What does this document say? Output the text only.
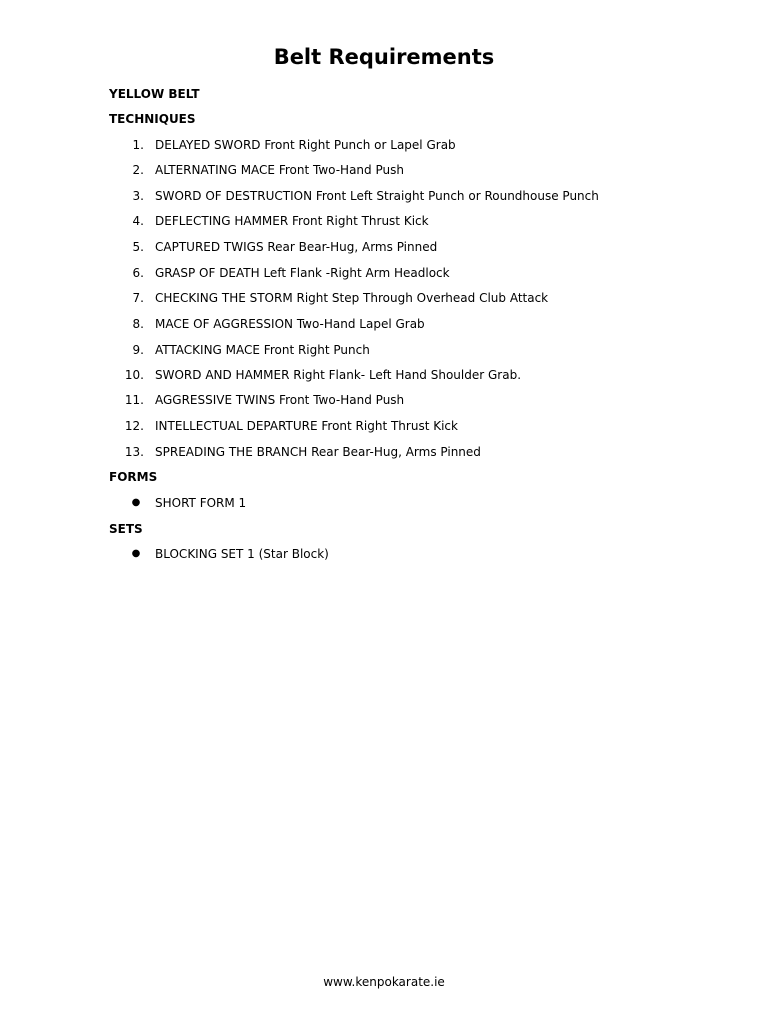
Belt Requirements
YELLOW BELT
TECHNIQUES
1. DELAYED SWORD Front Right Punch or Lapel Grab
2. ALTERNATING MACE Front Two-Hand Push
3. SWORD OF DESTRUCTION Front Left Straight Punch or Roundhouse Punch
4. DEFLECTING HAMMER Front Right Thrust Kick
5. CAPTURED TWIGS Rear Bear-Hug, Arms Pinned
6. GRASP OF DEATH Left Flank -Right Arm Headlock
7. CHECKING THE STORM Right Step Through Overhead Club Attack
8. MACE OF AGGRESSION Two-Hand Lapel Grab
9. ATTACKING MACE Front Right Punch
10. SWORD AND HAMMER Right Flank- Left Hand Shoulder Grab.
11. AGGRESSIVE TWINS Front Two-Hand Push
12. INTELLECTUAL DEPARTURE Front Right Thrust Kick
13. SPREADING THE BRANCH Rear Bear-Hug, Arms Pinned
FORMS
●	SHORT FORM 1
SETS
●	BLOCKING SET 1 (Star Block)
www.kenpokarate.ie
